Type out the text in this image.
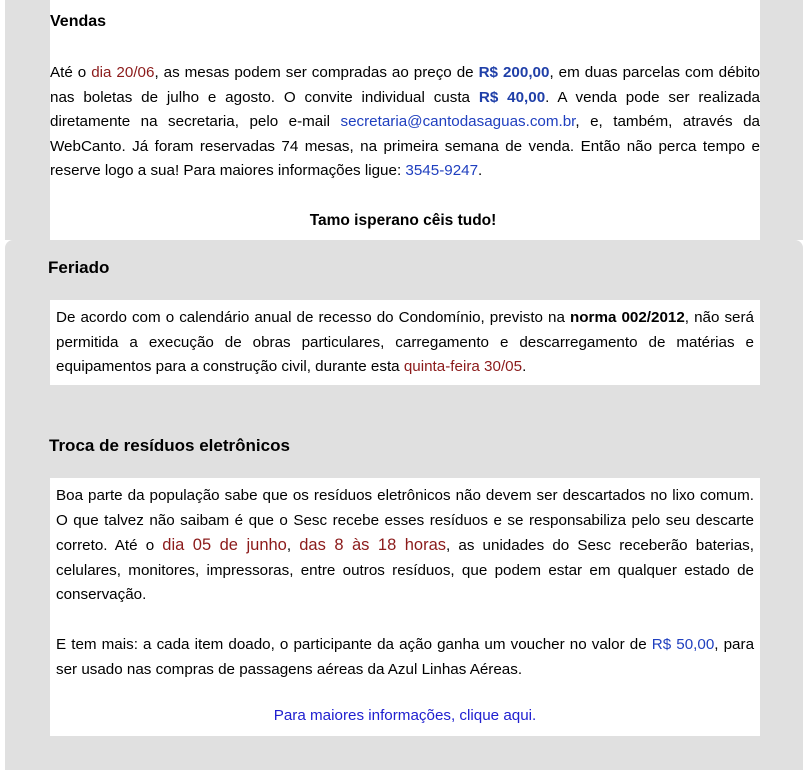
Vendas

Até o dia 20/06, as mesas podem ser compradas ao preço de R$ 200,00, em duas parcelas com débito nas boletas de julho e agosto. O convite individual custa R$ 40,00. A venda pode ser realizada diretamente na secretaria, pelo e-mail secretaria@cantodasaguas.com.br, e, também, através da WebCanto. Já foram reservadas 74 mesas, na primeira semana de venda. Então não perca tempo e reserve logo a sua! Para maiores informações ligue: 3545-9247.

Tamo isperano cêis tudo!
Feriado

De acordo com o calendário anual de recesso do Condomínio, previsto na norma 002/2012, não será permitida a execução de obras particulares, carregamento e descarregamento de matérias e equipamentos para a construção civil, durante esta quinta-feira 30/05.

Troca de resíduos eletrônicos

Boa parte da população sabe que os resíduos eletrônicos não devem ser descartados no lixo comum. O que talvez não saibam é que o Sesc recebe esses resíduos e se responsabiliza pelo seu descarte correto. Até o dia 05 de junho, das 8 às 18 horas, as unidades do Sesc receberão baterias, celulares, monitores, impressoras, entre outros resíduos, que podem estar em qualquer estado de conservação.

E tem mais: a cada item doado, o participante da ação ganha um voucher no valor de R$ 50,00, para ser usado nas compras de passagens aéreas da Azul Linhas Aéreas.

Para maiores informações, clique aqui.
